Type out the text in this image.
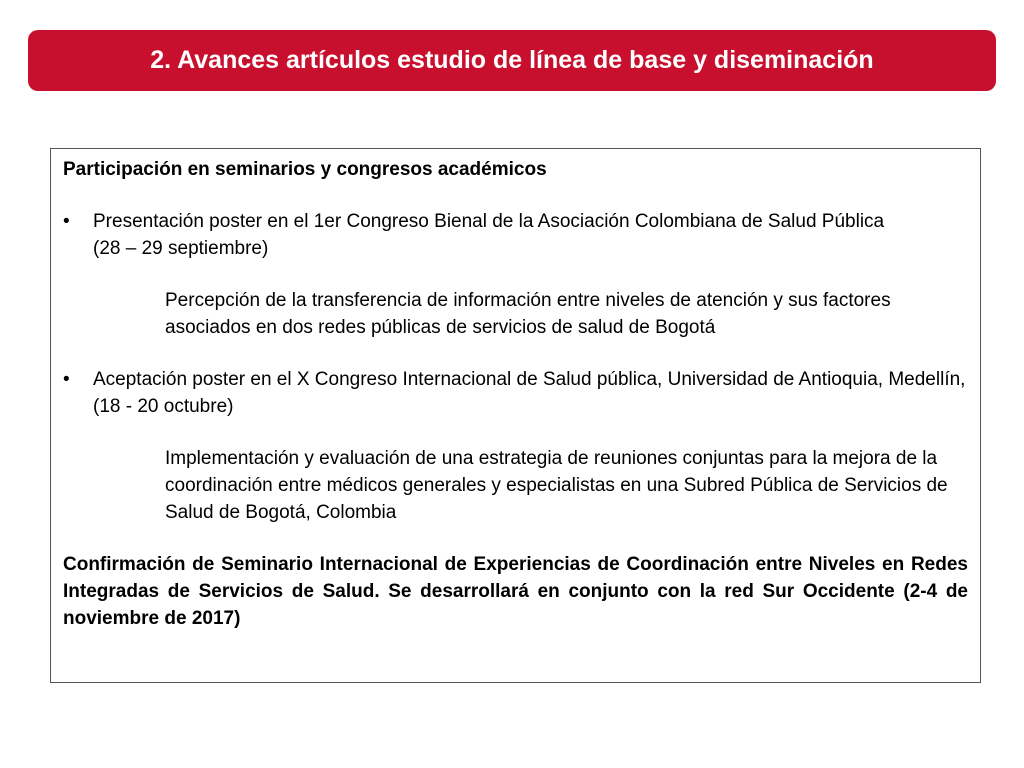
2. Avances artículos estudio de línea de base y diseminación

Participación en seminarios y congresos académicos

•	Presentación poster en el 1er Congreso Bienal de la Asociación Colombiana de Salud Pública
(28 – 29 septiembre)

Percepción de la transferencia de información entre niveles de atención y sus factores asociados en dos redes públicas de servicios de salud de Bogotá

•	Aceptación poster en el X Congreso Internacional de Salud pública, Universidad de Antioquia, Medellín, (18 - 20 octubre)

Implementación y evaluación de una estrategia de reuniones conjuntas para la mejora de la coordinación entre médicos generales y especialistas en una Subred Pública de Servicios de Salud de Bogotá, Colombia

Confirmación de Seminario Internacional de Experiencias de Coordinación entre Niveles en Redes Integradas de Servicios de Salud. Se desarrollará en conjunto con la red Sur Occidente (2-4 de noviembre de 2017)
